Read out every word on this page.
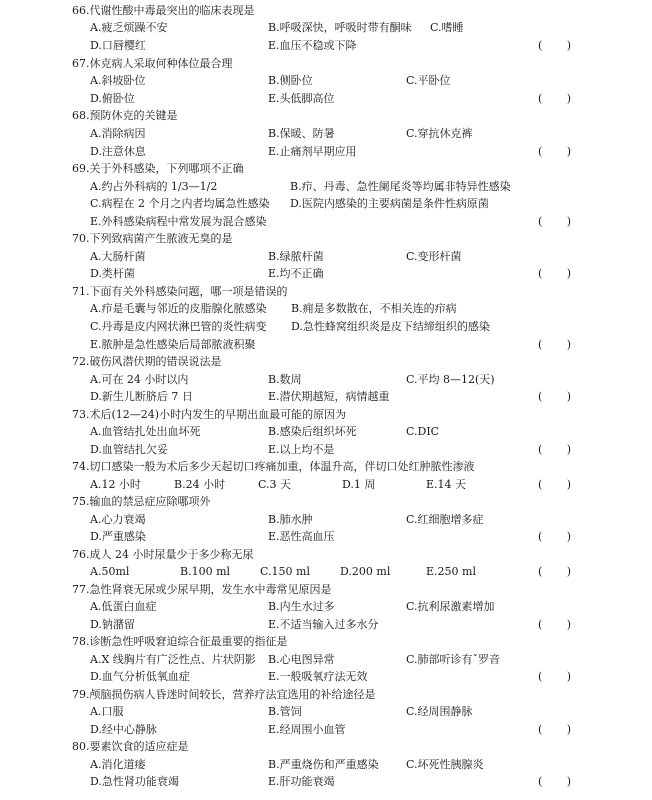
66.代谢性酸中毒最突出的临床表现是
A.疲乏烦躁不安	B.呼吸深快，呼吸时带有酮味 C.嗜睡
D.口唇樱红	E.血压不稳或下降	(       )
67.休克病人采取何种体位最合理
A.斜坡卧位	B.侧卧位	C.平卧位
D.俯卧位	E.头低脚高位	(       )
68.预防休克的关键是
A.消除病因	B.保暖、防暑	C.穿抗休克裤
D.注意休息	E.止痛剂早期应用	(       )
69.关于外科感染，下列哪项不正确
A.约占外科病的 1/3—1/2	B.疖、丹毒、急性阑尾炎等均属非特异性感染
C.病程在 2 个月之内者均属急性感染 D.医院内感染的主要病菌是条件性病原菌
E.外科感染病程中常发展为混合感染	(       )
70.下列致病菌产生脓液无臭的是
A.大肠杆菌	B.绿脓杆菌	C.变形杆菌
D.类杆菌	E.均不正确	(       )
71.下面有关外科感染问题，哪一项是错误的
A.疖是毛囊与邻近的皮脂腺化脓感染 B.痈是多数散在，不相关连的疖病
C.丹毒是皮内网状淋巴管的炎性病变 D.急性蜂窝组织炎是皮下结缔组织的感染
E.脓肿是急性感染后局部脓液积聚	(       )
72.破伤风潜伏期的错误说法是
A.可在 24 小时以内	B.数周	C.平均 8—12(天)
D.新生儿断脐后 7 日	E.潜伏期越短，病情越重	(       )
73.术后(12—24)小时内发生的早期出血最可能的原因为
A.血管结扎处出血坏死	B.感染后组织坏死	C.DIC
D.血管结扎欠妥	E.以上均不是	(       )
74.切口感染一般为术后多少天起切口疼痛加重，体温升高，伴切口处红肿脓性渗液
A.12 小时	B.24 小时	C.3 天	D.1 周	E.14 天	(       )
75.输血的禁忌症应除哪项外
A.心力衰竭	B.肺水肿	C.红细胞增多症
D.严重感染	E.恶性高血压	(       )
76.成人 24 小时尿量少于多少称无尿
A.50ml	B.100 ml	C.150 ml	D.200 ml	E.250 ml	(       )
77.急性肾衰无尿或少尿早期，发生水中毒常见原因是
A.低蛋白血症	B.内生水过多	C.抗利尿激素增加
D.钠潴留	E.不适当输入过多水分	(       )
78.诊断急性呼吸窘迫综合征最重要的指征是
A.X 线胸片有广泛性点、片状阴影 B.心电图异常	C.肺部听诊有ˇ罗音
D.血气分析低氧血症	E.一般吸氧疗法无效	(       )
79.颅脑损伤病人昏迷时间较长，营养疗法宜选用的补给途径是
A.口服	B.管饲	C.经周围静脉
D.经中心静脉	E.经周围小血管	(       )
80.要素饮食的适应症是
A.消化道瘘	B.严重烧伤和严重感染 C.坏死性胰腺炎
D.急性肾功能衰竭	E.肝功能衰竭	(       )
